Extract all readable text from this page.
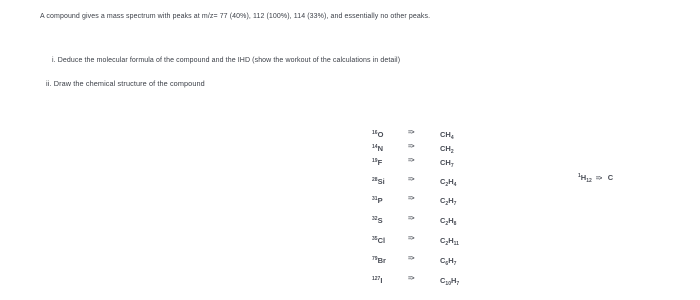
A compound gives a mass spectrum with peaks at m/z= 77 (40%), 112 (100%), 114 (33%), and essentially no other peaks.
i. Deduce the molecular formula of the compound and the IHD (show the workout of the calculations in detail)
ii. Draw the chemical structure of the compound
$^{16}$O	=>	$CH_4$
$^{14}$N	=>	$CH_2$
$^{19}$F	=>	$CH_7$
$^{28}$Si	=>	$C_2H_4$
$^{31}$P	=>	$C_2H_7$
$^{32}$S	=>	$C_2H_8$
$^{35}$Cl	=>	$C_2H_{11}$
$^{79}$Br	=>	$C_6H_7$
$^{127}$I	=>	$C_{10}H_7$
$^1H_{12} => C$
